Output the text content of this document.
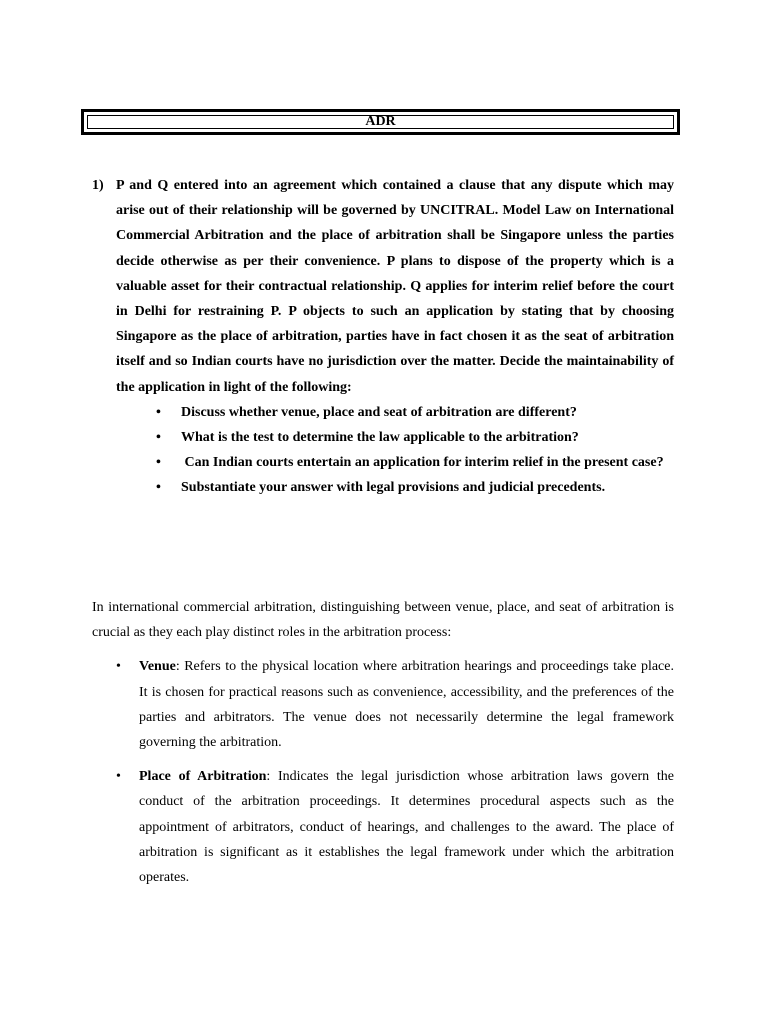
ADR
1) P and Q entered into an agreement which contained a clause that any dispute which may arise out of their relationship will be governed by UNCITRAL. Model Law on International Commercial Arbitration and the place of arbitration shall be Singapore unless the parties decide otherwise as per their convenience. P plans to dispose of the property which is a valuable asset for their contractual relationship. Q applies for interim relief before the court in Delhi for restraining P. P objects to such an application by stating that by choosing Singapore as the place of arbitration, parties have in fact chosen it as the seat of arbitration itself and so Indian courts have no jurisdiction over the matter. Decide the maintainability of the application in light of the following:
• Discuss whether venue, place and seat of arbitration are different?
• What is the test to determine the law applicable to the arbitration?
• Can Indian courts entertain an application for interim relief in the present case?
• Substantiate your answer with legal provisions and judicial precedents.

In international commercial arbitration, distinguishing between venue, place, and seat of arbitration is crucial as they each play distinct roles in the arbitration process:

• Venue: Refers to the physical location where arbitration hearings and proceedings take place. It is chosen for practical reasons such as convenience, accessibility, and the preferences of the parties and arbitrators. The venue does not necessarily determine the legal framework governing the arbitration.
• Place of Arbitration: Indicates the legal jurisdiction whose arbitration laws govern the conduct of the arbitration proceedings. It determines procedural aspects such as the appointment of arbitrators, conduct of hearings, and challenges to the award. The place of arbitration is significant as it establishes the legal framework under which the arbitration operates.
